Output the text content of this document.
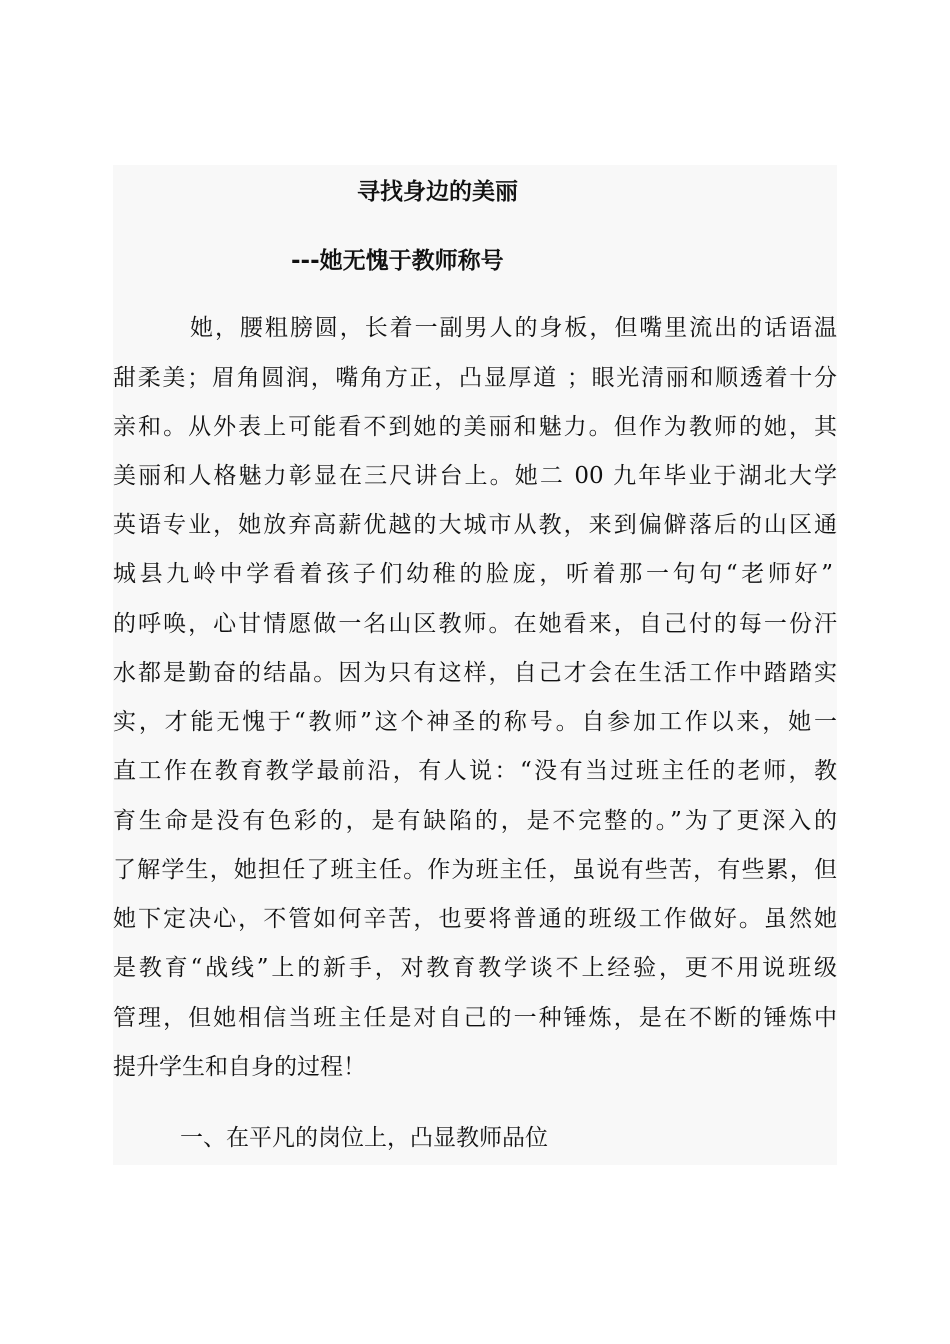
寻找身边的美丽
---她无愧于教师称号
她，腰粗膀圆，长着一副男人的身板，但嘴里流出的话语温
甜柔美；眉角圆润，嘴角方正，凸显厚道 ；眼光清丽和顺透着十分
亲和。从外表上可能看不到她的美丽和魅力。但作为教师的她，其
美丽和人格魅力彰显在三尺讲台上。她二 00 九年毕业于湖北大学
英语专业，她放弃高薪优越的大城市从教，来到偏僻落后的山区通
城县九岭中学看着孩子们幼稚的脸庞，听着那一句句“老师好”
的呼唤，心甘情愿做一名山区教师。在她看来，自己付的每一份汗
水都是勤奋的结晶。因为只有这样，自己才会在生活工作中踏踏实
实，才能无愧于“教师”这个神圣的称号。自参加工作以来，她一
直工作在教育教学最前沿，有人说：“没有当过班主任的老师，教
育生命是没有色彩的，是有缺陷的，是不完整的。”为了更深入的
了解学生，她担任了班主任。作为班主任，虽说有些苦，有些累，但
她下定决心，不管如何辛苦，也要将普通的班级工作做好。虽然她
是教育“战线”上的新手，对教育教学谈不上经验，更不用说班级
管理，但她相信当班主任是对自己的一种锤炼，是在不断的锤炼中
提升学生和自身的过程！
一、在平凡的岗位上，凸显教师品位
